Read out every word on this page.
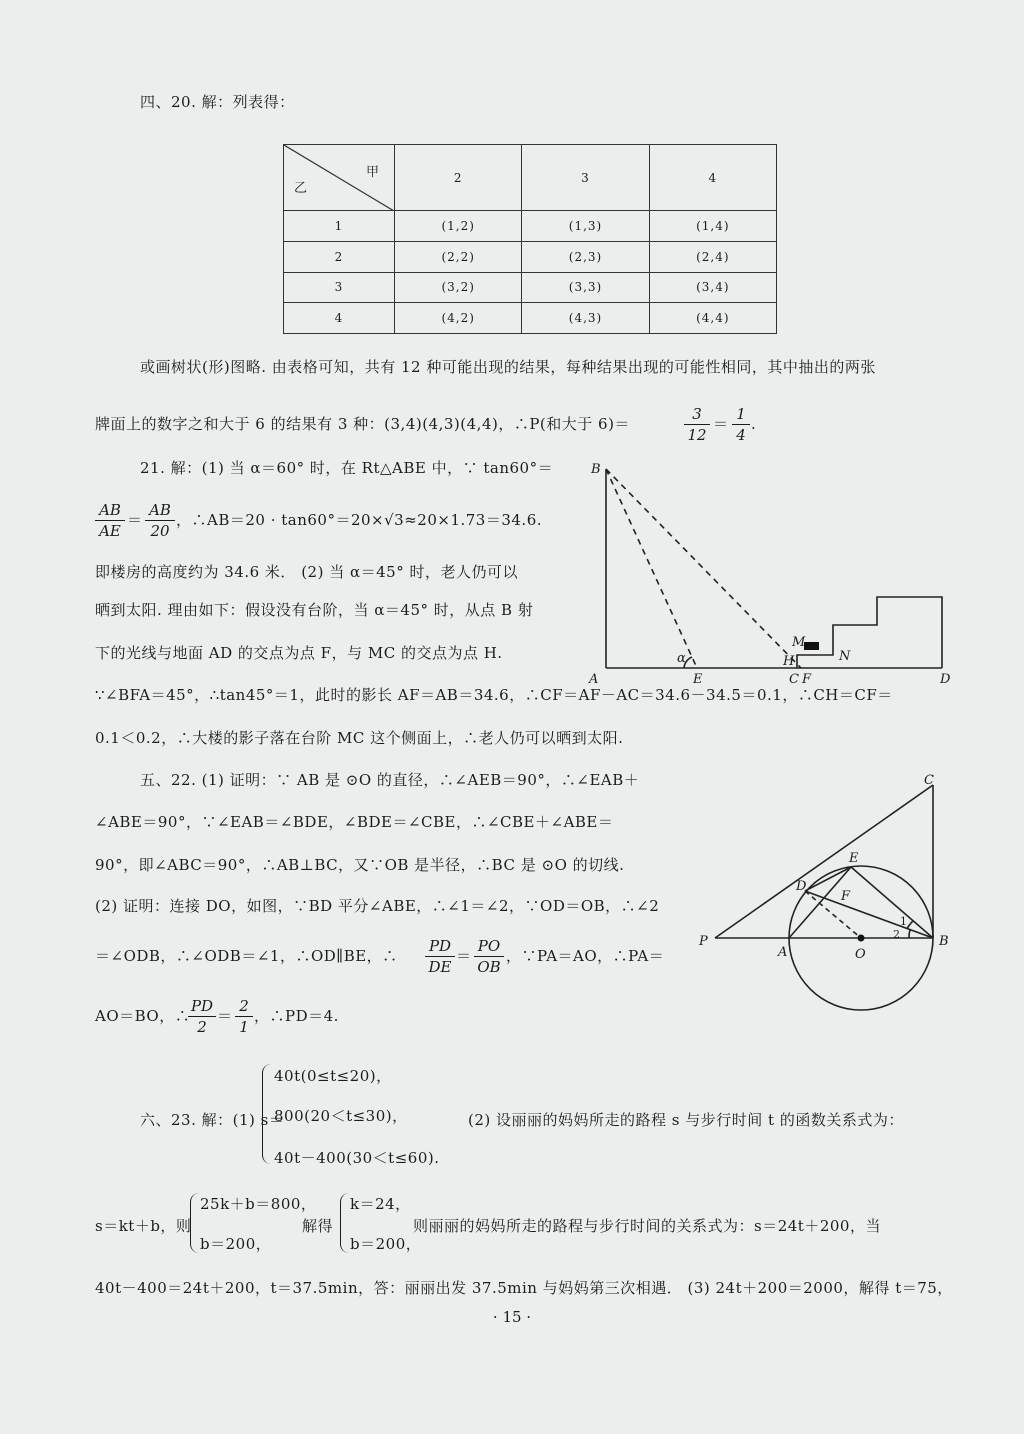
四、20. 解：列表得：
甲
乙	2	3	4
1	(1,2)	(1,3)	(1,4)
2	(2,2)	(2,3)	(2,4)
3	(3,2)	(3,3)	(3,4)
4	(4,2)	(4,3)	(4,4)
或画树状(形)图略. 由表格可知，共有 12 种可能出现的结果，每种结果出现的可能性相同，其中抽出的两张
牌面上的数字之和大于 6 的结果有 3 种：(3,4)(4,3)(4,4)，∴P(和大于 6)＝	$\frac{3}{12} = \frac{1}{4}$ .
21. 解：(1) 当 α＝60° 时，在 Rt△ABE 中，∵ tan60°＝
$\frac{AB}{AE} = \frac{AB}{20}$ ，∴AB＝20 · tan60°＝20×√3≈20×1.73＝34.6.
即楼房的高度约为 34.6 米． (2) 当 α＝45° 时，老人仍可以
晒到太阳. 理由如下：假设没有台阶，当 α＝45° 时，从点 B 射
下的光线与地面 AD 的交点为点 F，与 MC 的交点为点 H.
∵∠BFA＝45°，∴tan45°＝1，此时的影长 AF＝AB＝34.6，∴CF＝AF－AC＝34.6－34.5＝0.1，∴CH＝CF＝
0.1＜0.2，∴大楼的影子落在台阶 MC 这个侧面上，∴老人仍可以晒到太阳.
B
A	E	C F
H
M
N
D
α
五、22. (1) 证明：∵ AB 是 ⊙O 的直径，∴∠AEB＝90°，∴∠EAB＋
∠ABE＝90°，∵∠EAB＝∠BDE，∠BDE＝∠CBE，∴∠CBE＋∠ABE＝
90°，即∠ABC＝90°，∴AB⊥BC，又∵OB 是半径，∴BC 是 ⊙O 的切线.
(2) 证明：连接 DO，如图，∵BD 平分∠ABE，∴∠1＝∠2，∵OD＝OB，∴∠2
＝∠ODB，∴∠ODB＝∠1，∴OD∥BE，∴ $\frac{PD}{DE} = \frac{PO}{OB}$ ，∵PA＝AO，∴PA＝
AO＝BO，∴
$\frac{PD}{2} = \frac{2}{1}$ ，∴PD＝4.
C
E
D
F
P
A	O
B
1
2
六、23. 解：(1) s＝
40t(0≤t≤20)，
800(20＜t≤30)，
40t－400(30＜t≤60).
(2) 设丽丽的妈妈所走的路程 s 与步行时间 t 的函数关系式为：
s＝kt＋b，则
25k＋b＝800，
b＝200，
解得
k＝24，
b＝200，
则丽丽的妈妈所走的路程与步行时间的关系式为：s＝24t＋200，当
40t－400＝24t＋200，t＝37.5min，答：丽丽出发 37.5min 与妈妈第三次相遇． (3) 24t＋200＝2000，解得 t＝75，
· 15 ·
